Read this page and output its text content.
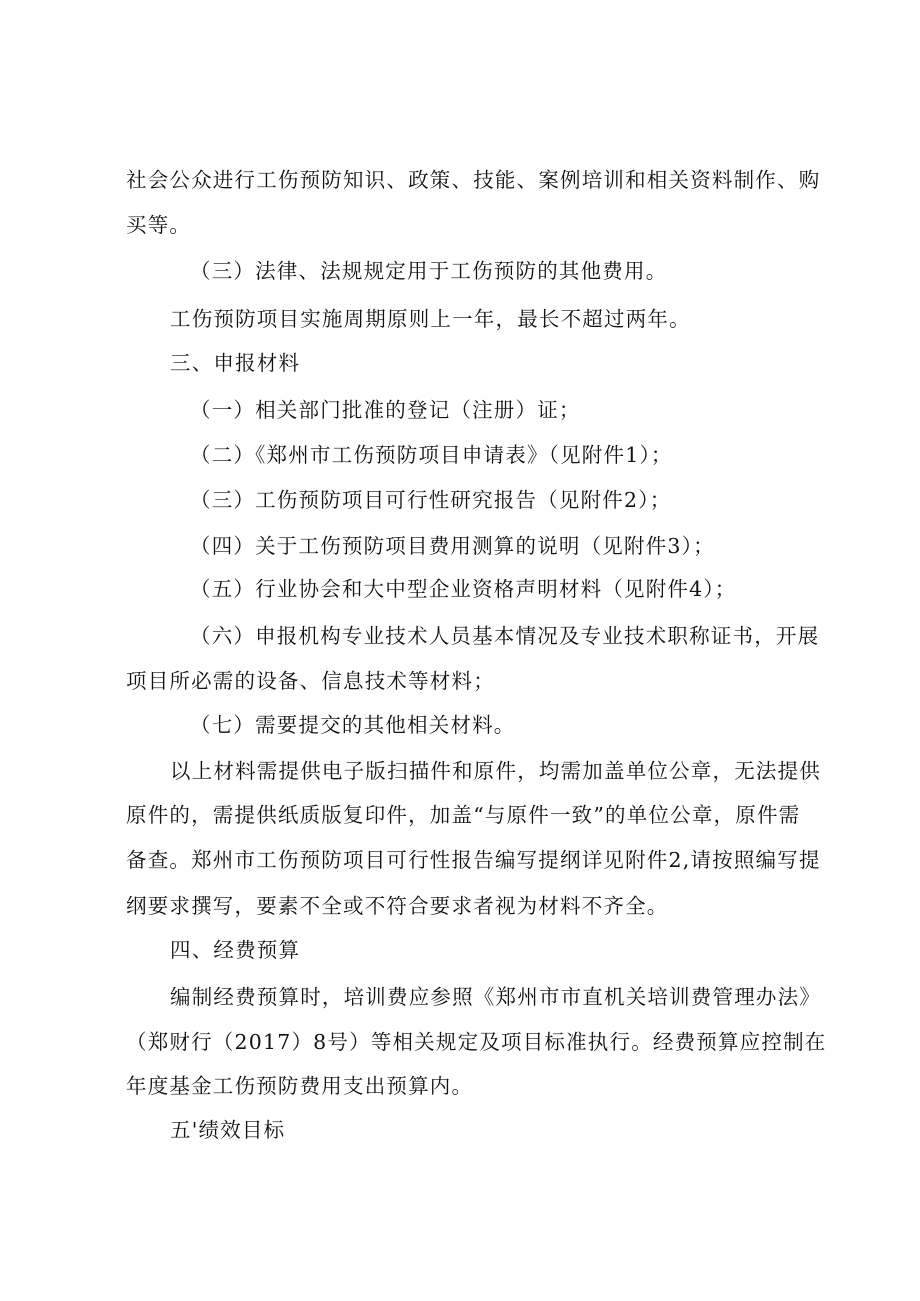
社会公众进行工伤预防知识、政策、技能、案例培训和相关资料制作、购
买等。
（三）法律、法规规定用于工伤预防的其他费用。
工伤预防项目实施周期原则上一年，最长不超过两年。
三、申报材料
（一）相关部门批准的登记（注册）证；
（二）《郑州市工伤预防项目申请表》（见附件1）；
（三）工伤预防项目可行性研究报告（见附件2）；
（四）关于工伤预防项目费用测算的说明（见附件3）；
（五）行业协会和大中型企业资格声明材料（见附件4）；
（六）申报机构专业技术人员基本情况及专业技术职称证书，开展
项目所必需的设备、信息技术等材料；
（七）需要提交的其他相关材料。
以上材料需提供电子版扫描件和原件，均需加盖单位公章，无法提供
原件的，需提供纸质版复印件，加盖“与原件一致”的单位公章，原件需
备查。郑州市工伤预防项目可行性报告编写提纲详见附件2,请按照编写提
纲要求撰写，要素不全或不符合要求者视为材料不齐全。
四、经费预算
编制经费预算时，培训费应参照《郑州市市直机关培训费管理办法》
（郑财行（2017）8号）等相关规定及项目标准执行。经费预算应控制在
年度基金工伤预防费用支出预算内。
五'绩效目标
